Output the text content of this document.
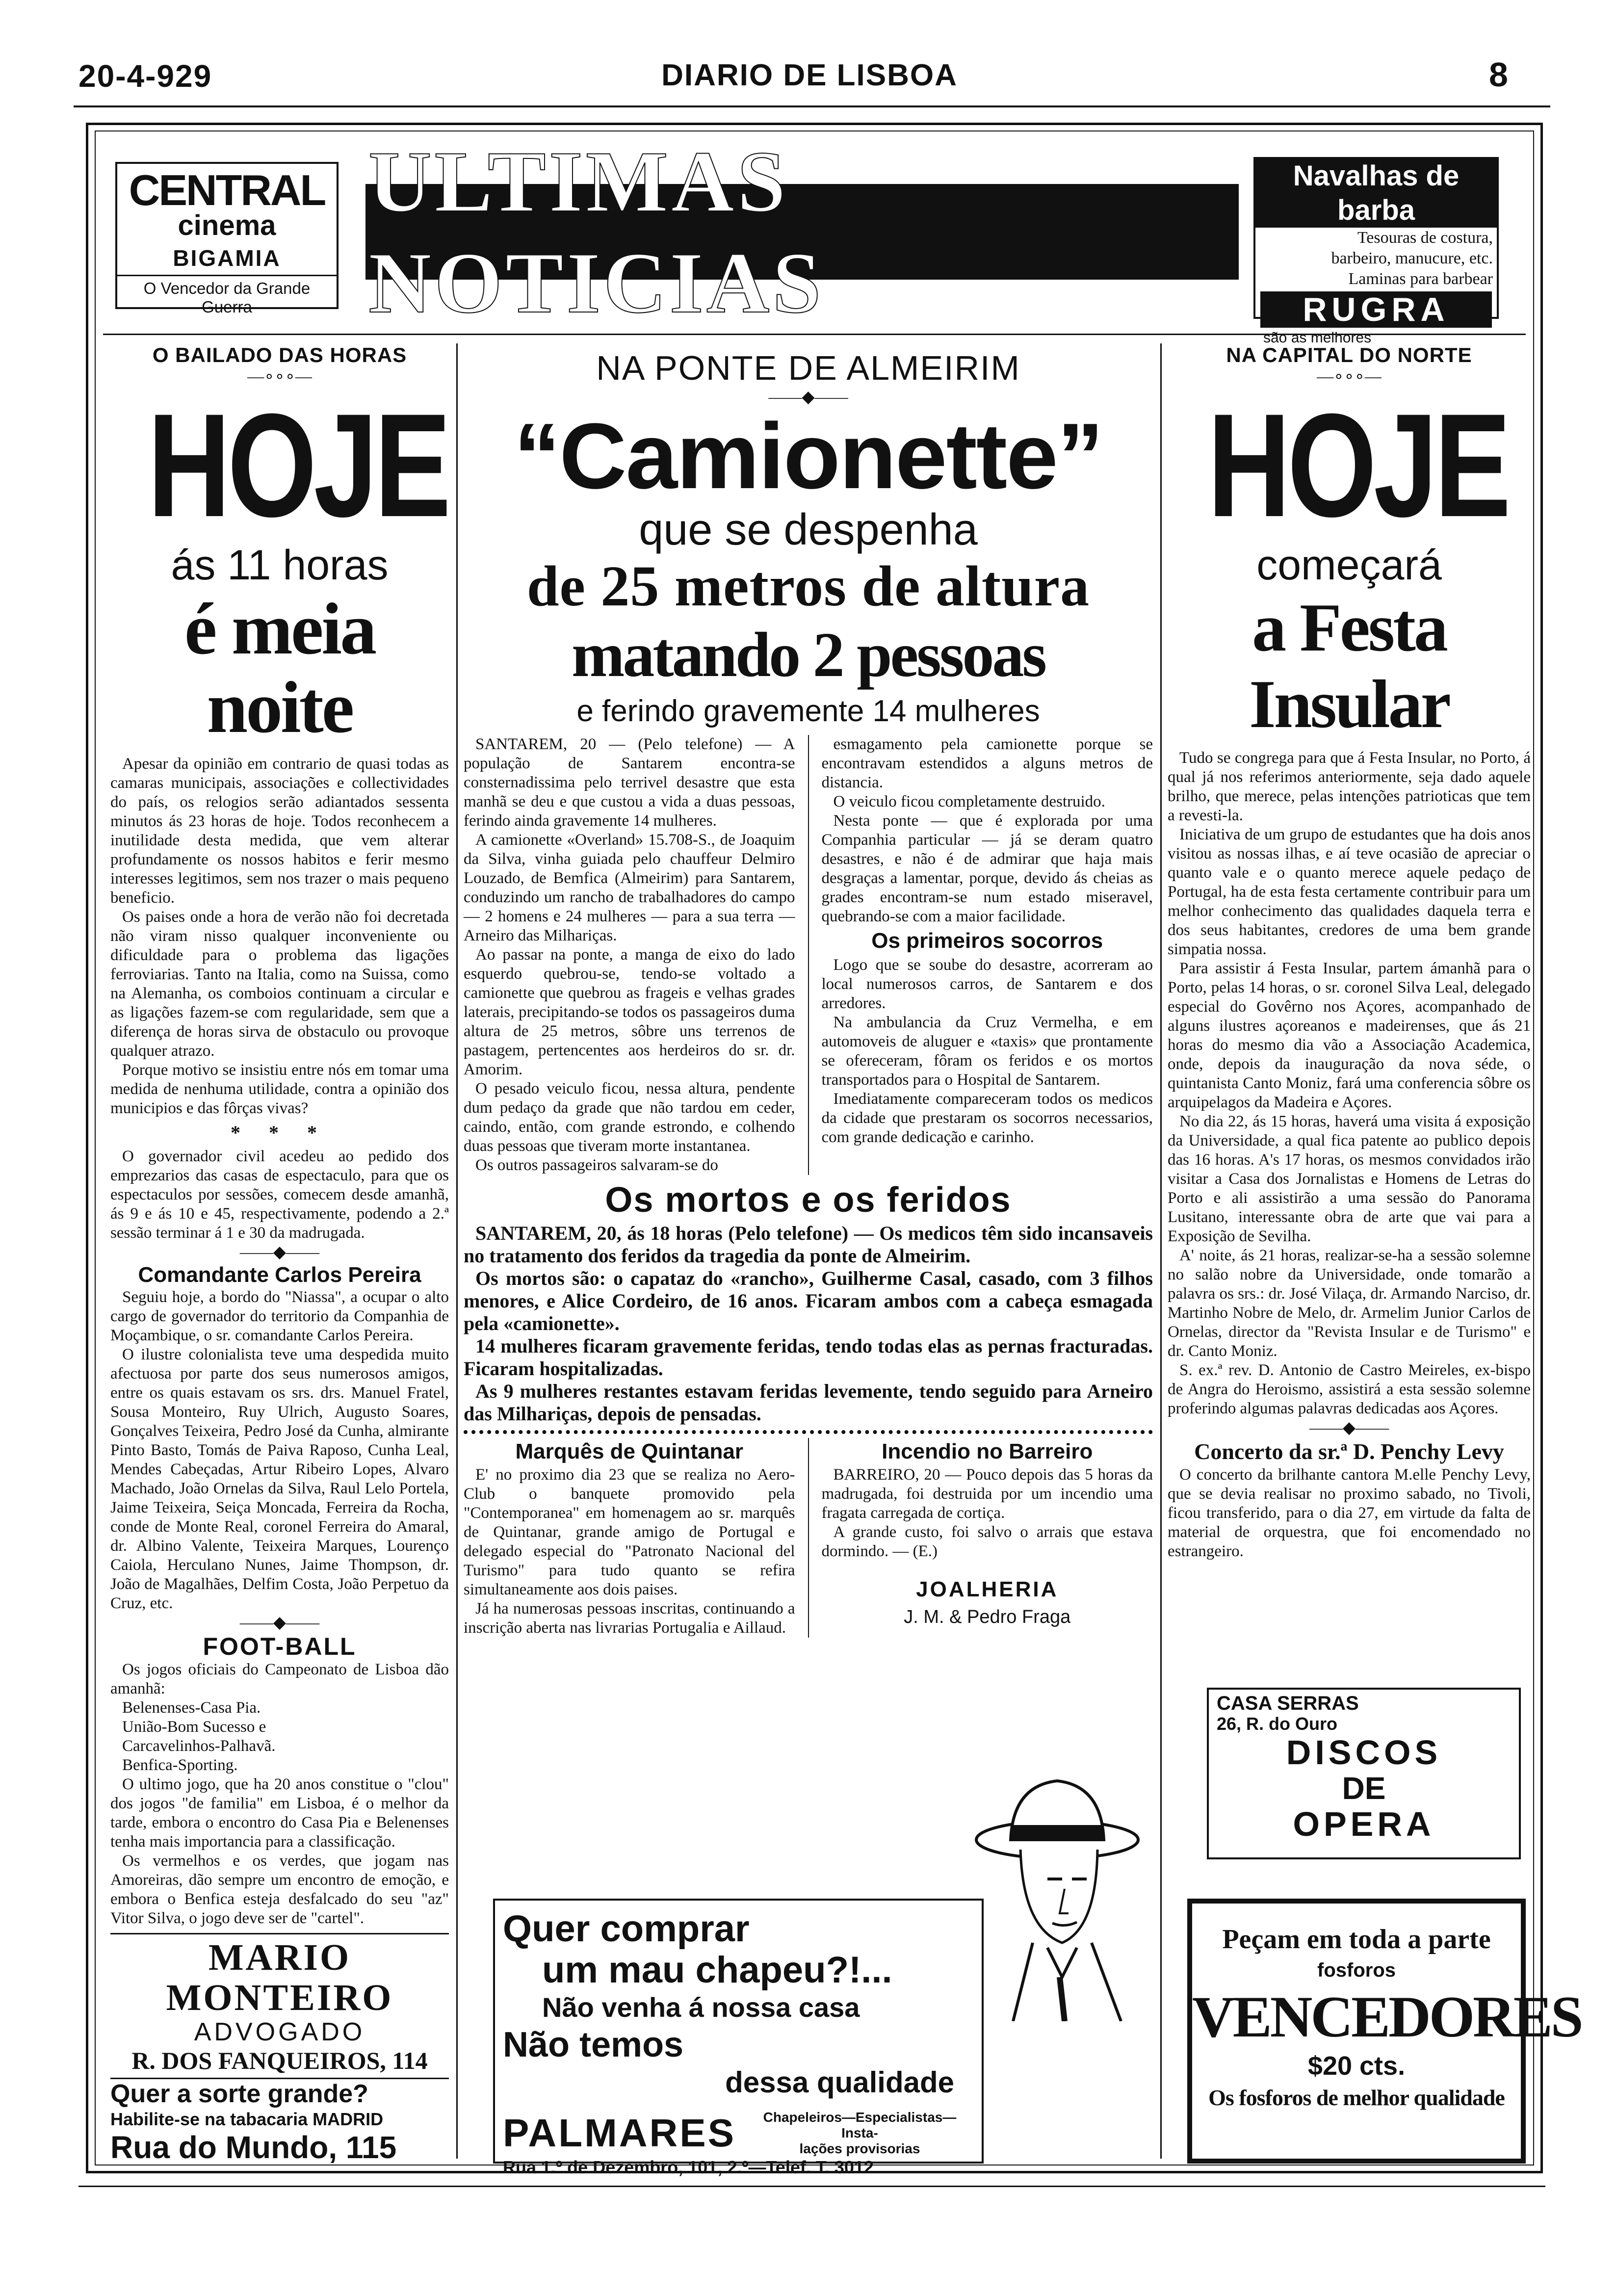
20-4-929	DIARIO DE LISBOA	8
CENTRAL
cinema
BIGAMIA
O Vencedor da Grande Guerra
ULTIMAS NOTICIAS
Navalhas de barba
Tesouras de costura,
barbeiro, manucure, etc.
Laminas para barbear
RUGRA
são as melhores
O BAILADO DAS HORAS
—∘∘∘—
HOJE
ás 11 horas
é meia noite

Apesar da opinião em contrario de quasi todas as camaras municipais, associações e collectividades do país, os relogios serão adiantados sessenta minutos ás 23 horas de hoje. Todos reconhecem a inutilidade desta medida, que vem alterar profundamente os nossos habitos e ferir mesmo interesses legitimos, sem nos trazer o mais pequeno beneficio.

Os paises onde a hora de verão não foi decretada não viram nisso qualquer inconveniente ou dificuldade para o problema das ligações ferroviarias. Tanto na Italia, como na Suissa, como na Alemanha, os comboios continuam a circular e as ligações fazem-se com regularidade, sem que a diferença de horas sirva de obstaculo ou provoque qualquer atrazo.

Porque motivo se insistiu entre nós em tomar uma medida de nenhuma utilidade, contra a opinião dos municipios e das fôrças vivas?

* * *

O governador civil acedeu ao pedido dos emprezarios das casas de espectaculo, para que os espectaculos por sessões, comecem desde amanhã, ás 9 e ás 10 e 45, respectivamente, podendo a 2.ª sessão terminar á 1 e 30 da madrugada.

——◆——
Comandante Carlos Pereira

Seguiu hoje, a bordo do "Niassa", a ocupar o alto cargo de governador do territorio da Companhia de Moçambique, o sr. comandante Carlos Pereira.

O ilustre colonialista teve uma despedida muito afectuosa por parte dos seus numerosos amigos, entre os quais estavam os srs. drs. Manuel Fratel, Sousa Monteiro, Ruy Ulrich, Augusto Soares, Gonçalves Teixeira, Pedro José da Cunha, almirante Pinto Basto, Tomás de Paiva Raposo, Cunha Leal, Mendes Cabeçadas, Artur Ribeiro Lopes, Alvaro Machado, João Ornelas da Silva, Raul Lelo Portela, Jaime Teixeira, Seiça Moncada, Ferreira da Rocha, conde de Monte Real, coronel Ferreira do Amaral, dr. Albino Valente, Teixeira Marques, Lourenço Caiola, Herculano Nunes, Jaime Thompson, dr. João de Magalhães, Delfim Costa, João Perpetuo da Cruz, etc.

——◆——
FOOT-BALL

Os jogos oficiais do Campeonato de Lisboa dão amanhã:

Belenenses-Casa Pia.
União-Bom Sucesso e
Carcavelinhos-Palhavã.
Benfica-Sporting.

O ultimo jogo, que ha 20 anos constitue o "clou" dos jogos "de familia" em Lisboa, é o melhor da tarde, embora o encontro do Casa Pia e Belenenses tenha mais importancia para a classificação.

Os vermelhos e os verdes, que jogam nas Amoreiras, dão sempre um encontro de emoção, e embora o Benfica esteja desfalcado do seu "az" Vitor Silva, o jogo deve ser de "cartel".

MARIO MONTEIRO
ADVOGADO
R. DOS FANQUEIROS, 114
Quer a sorte grande?
Habilite-se na tabacaria MADRID
Rua do Mundo, 115
NA PONTE DE ALMEIRIM
——◆——
“Camionette”
que se despenha
de 25 metros de altura
matando 2 pessoas
e ferindo gravemente 14 mulheres

SANTAREM, 20 — (Pelo telefone) — A população de Santarem encontra-se consternadissima pelo terrivel desastre que esta manhã se deu e que custou a vida a duas pessoas, ferindo ainda gravemente 14 mulheres.

A camionette «Overland» 15.708-S., de Joaquim da Silva, vinha guiada pelo chauffeur Delmiro Louzado, de Bemfica (Almeirim) para Santarem, conduzindo um rancho de trabalhadores do campo — 2 homens e 24 mulheres — para a sua terra — Arneiro das Milhariças.

Ao passar na ponte, a manga de eixo do lado esquerdo quebrou-se, tendo-se voltado a camionette que quebrou as frageis e velhas grades laterais, precipitando-se todos os passageiros duma altura de 25 metros, sôbre uns terrenos de pastagem, pertencentes aos herdeiros do sr. dr. Amorim.

O pesado veiculo ficou, nessa altura, pendente dum pedaço da grade que não tardou em ceder, caindo, então, com grande estrondo, e colhendo duas pessoas que tiveram morte instantanea.

Os outros passageiros salvaram-se do

esmagamento pela camionette porque se encontravam estendidos a alguns metros de distancia.

O veiculo ficou completamente destruido.

Nesta ponte — que é explorada por uma Companhia particular — já se deram quatro desastres, e não é de admirar que haja mais desgraças a lamentar, porque, devido ás cheias as grades encontram-se num estado miseravel, quebrando-se com a maior facilidade.

Os primeiros socorros

Logo que se soube do desastre, acorreram ao local numerosos carros, de Santarem e dos arredores.

Na ambulancia da Cruz Vermelha, e em automoveis de aluguer e «taxis» que prontamente se ofereceram, fôram os feridos e os mortos transportados para o Hospital de Santarem.

Imediatamente compareceram todos os medicos da cidade que prestaram os socorros necessarios, com grande dedicação e carinho.

Os mortos e os feridos

SANTAREM, 20, ás 18 horas (Pelo telefone) — Os medicos têm sido incansaveis no tratamento dos feridos da tragedia da ponte de Almeirim.

Os mortos são: o capataz do «rancho», Guilherme Casal, casado, com 3 filhos menores, e Alice Cordeiro, de 16 anos. Ficaram ambos com a cabeça esmagada pela «camionette».

14 mulheres ficaram gravemente feridas, tendo todas elas as pernas fracturadas. Ficaram hospitalizadas.

As 9 mulheres restantes estavam feridas levemente, tendo seguido para Arneiro das Milhariças, depois de pensadas.

Marquês de Quintanar

E' no proximo dia 23 que se realiza no Aero-Club o banquete promovido pela "Contemporanea" em homenagem ao sr. marquês de Quintanar, grande amigo de Portugal e delegado especial do "Patronato Nacional del Turismo" para tudo quanto se refira simultaneamente aos dois paises.

Já ha numerosas pessoas inscritas, continuando a inscrição aberta nas livrarias Portugalia e Aillaud.

Incendio no Barreiro

BARREIRO, 20 — Pouco depois das 5 horas da madrugada, foi destruida por um incendio uma fragata carregada de cortiça.

A grande custo, foi salvo o arrais que estava dormindo. — (E.)

JOALHERIA
J. M. & Pedro Fraga
Quer comprar
um mau chapeu?!...
Não venha á nossa casa
Não temos
dessa qualidade
PALMARES	Chapeleiros—Especialistas—Insta-
lações provisorias
Rua 1.º de Dezembro, 101, 2.º—Telef. T. 3012
NA CAPITAL DO NORTE
—∘∘∘—
HOJE
começará
a Festa Insular

Tudo se congrega para que á Festa Insular, no Porto, á qual já nos referimos anteriormente, seja dado aquele brilho, que merece, pelas intenções patrioticas que tem a revesti-la.

Iniciativa de um grupo de estudantes que ha dois anos visitou as nossas ilhas, e aí teve ocasião de apreciar o quanto vale e o quanto merece aquele pedaço de Portugal, ha de esta festa certamente contribuir para um melhor conhecimento das qualidades daquela terra e dos seus habitantes, credores de uma bem grande simpatia nossa.

Para assistir á Festa Insular, partem ámanhã para o Porto, pelas 14 horas, o sr. coronel Silva Leal, delegado especial do Govêrno nos Açores, acompanhado de alguns ilustres açoreanos e madeirenses, que ás 21 horas do mesmo dia vão a Associação Academica, onde, depois da inauguração da nova séde, o quintanista Canto Moniz, fará uma conferencia sôbre os arquipelagos da Madeira e Açores.

No dia 22, ás 15 horas, haverá uma visita á exposição da Universidade, a qual fica patente ao publico depois das 16 horas. A's 17 horas, os mesmos convidados irão visitar a Casa dos Jornalistas e Homens de Letras do Porto e ali assistirão a uma sessão do Panorama Lusitano, interessante obra de arte que vai para a Exposição de Sevilha.

A' noite, ás 21 horas, realizar-se-ha a sessão solemne no salão nobre da Universidade, onde tomarão a palavra os srs.: dr. José Vilaça, dr. Armando Narciso, dr. Martinho Nobre de Melo, dr. Armelim Junior Carlos de Ornelas, director da "Revista Insular e de Turismo" e dr. Canto Moniz.

S. ex.ª rev. D. Antonio de Castro Meireles, ex-bispo de Angra do Heroismo, assistirá a esta sessão solemne proferindo algumas palavras dedicadas aos Açores.

——◆——
Concerto da sr.ª D. Penchy Levy

O concerto da brilhante cantora M.elle Penchy Levy, que se devia realisar no proximo sabado, no Tivoli, ficou transferido, para o dia 27, em virtude da falta de material de orquestra, que foi encomendado no estrangeiro.

CASA SERRAS
26, R. do Ouro
DISCOS
DE
OPERA
Peçam em toda a parte
fosforos
VENCEDORES
$20 cts.
Os fosforos de melhor qualidade
